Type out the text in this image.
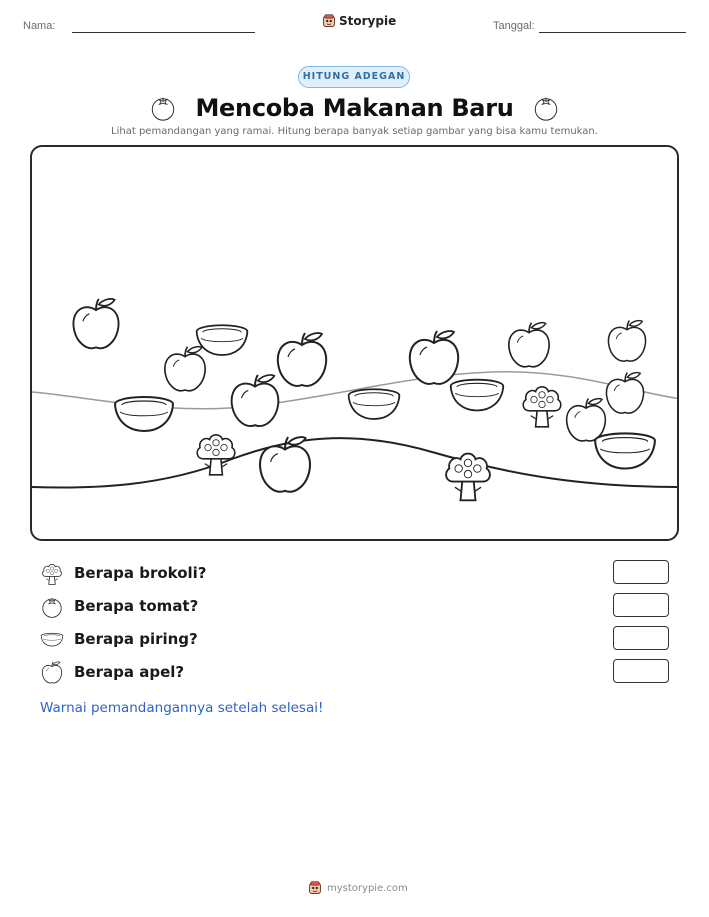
Nama:	Storypie	Tanggal:
HITUNG ADEGAN
Mencoba Makanan Baru
Lihat pemandangan yang ramai. Hitung berapa banyak setiap gambar yang bisa kamu temukan.
Berapa brokoli?
Berapa tomat?
Berapa piring?
Berapa apel?
Warnai pemandangannya setelah selesai!
mystorypie.com
